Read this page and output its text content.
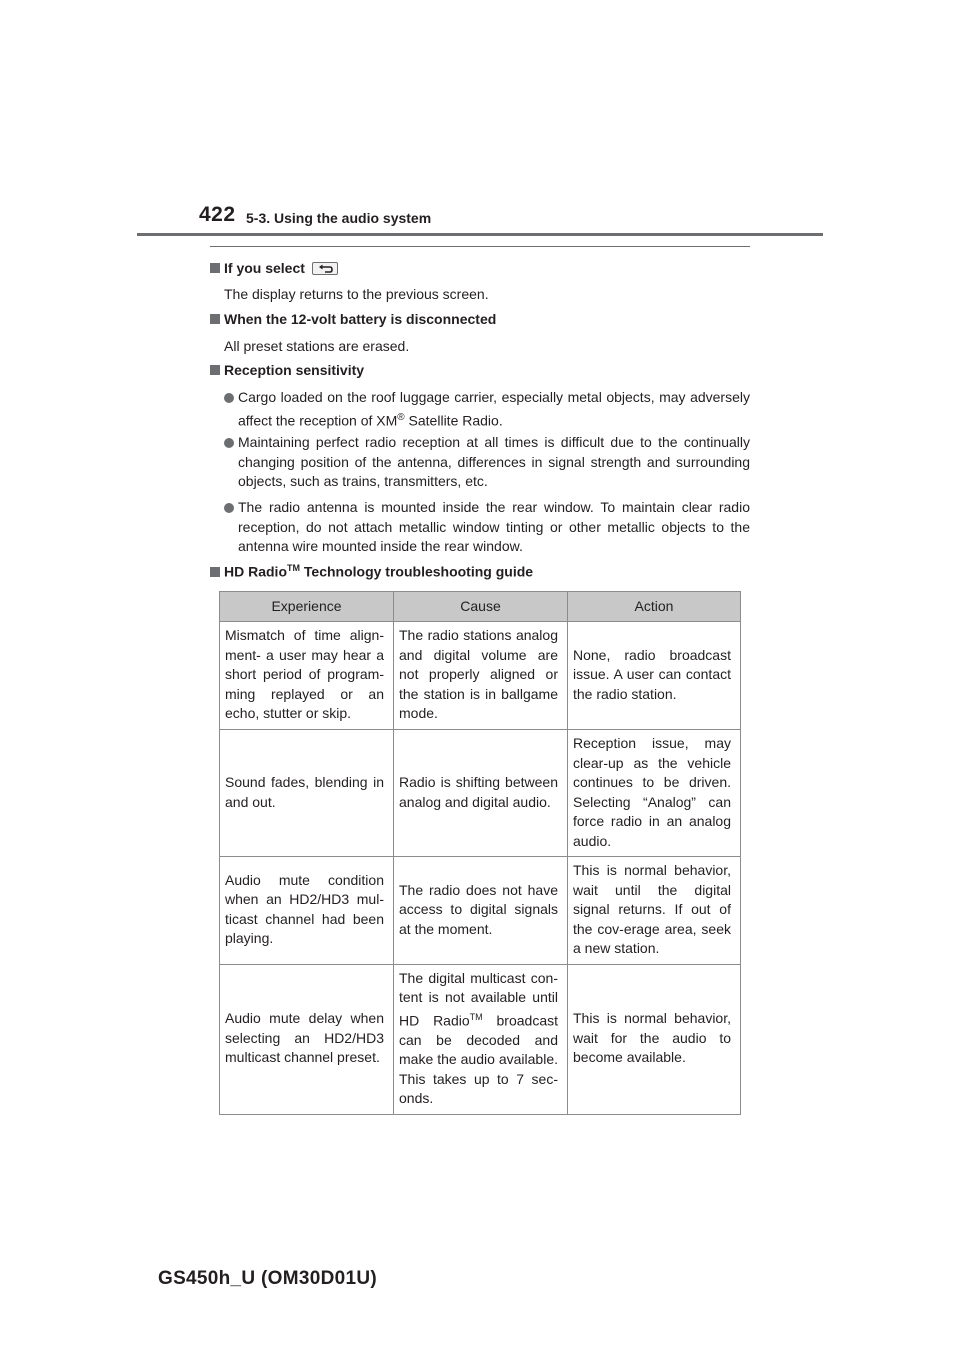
422 5-3. Using the audio system
If you select
The display returns to the previous screen.
When the 12-volt battery is disconnected
All preset stations are erased.
Reception sensitivity
Cargo loaded on the roof luggage carrier, especially metal objects, may adversely affect the reception of XM® Satellite Radio.
Maintaining perfect radio reception at all times is difficult due to the continually changing position of the antenna, differences in signal strength and surrounding objects, such as trains, transmitters, etc.
The radio antenna is mounted inside the rear window. To maintain clear radio reception, do not attach metallic window tinting or other metallic objects to the antenna wire mounted inside the rear window.
HD Radio™ Technology troubleshooting guide
Experience	Cause	Action
Mismatch of time align-ment- a user may hear a short period of program-ming replayed or an echo, stutter or skip.	The radio stations analog and digital volume are not properly aligned or the station is in ballgame mode.	None, radio broadcast issue. A user can contact the radio station.
Sound fades, blending in and out.	Radio is shifting between analog and digital audio.	Reception issue, may clear-up as the vehicle continues to be driven. Selecting “Analog” can force radio in an analog audio.
Audio mute condition when an HD2/HD3 mul-ticast channel had been playing.	The radio does not have access to digital signals at the moment.	This is normal behavior, wait until the digital signal returns. If out of the cov-erage area, seek a new station.
Audio mute delay when selecting an HD2/HD3 multicast channel preset.	The digital multicast con-tent is not available until HD Radio™ broadcast can be decoded and make the audio available. This takes up to 7 sec-onds.	This is normal behavior, wait for the audio to become available.
GS450h_U (OM30D01U)
